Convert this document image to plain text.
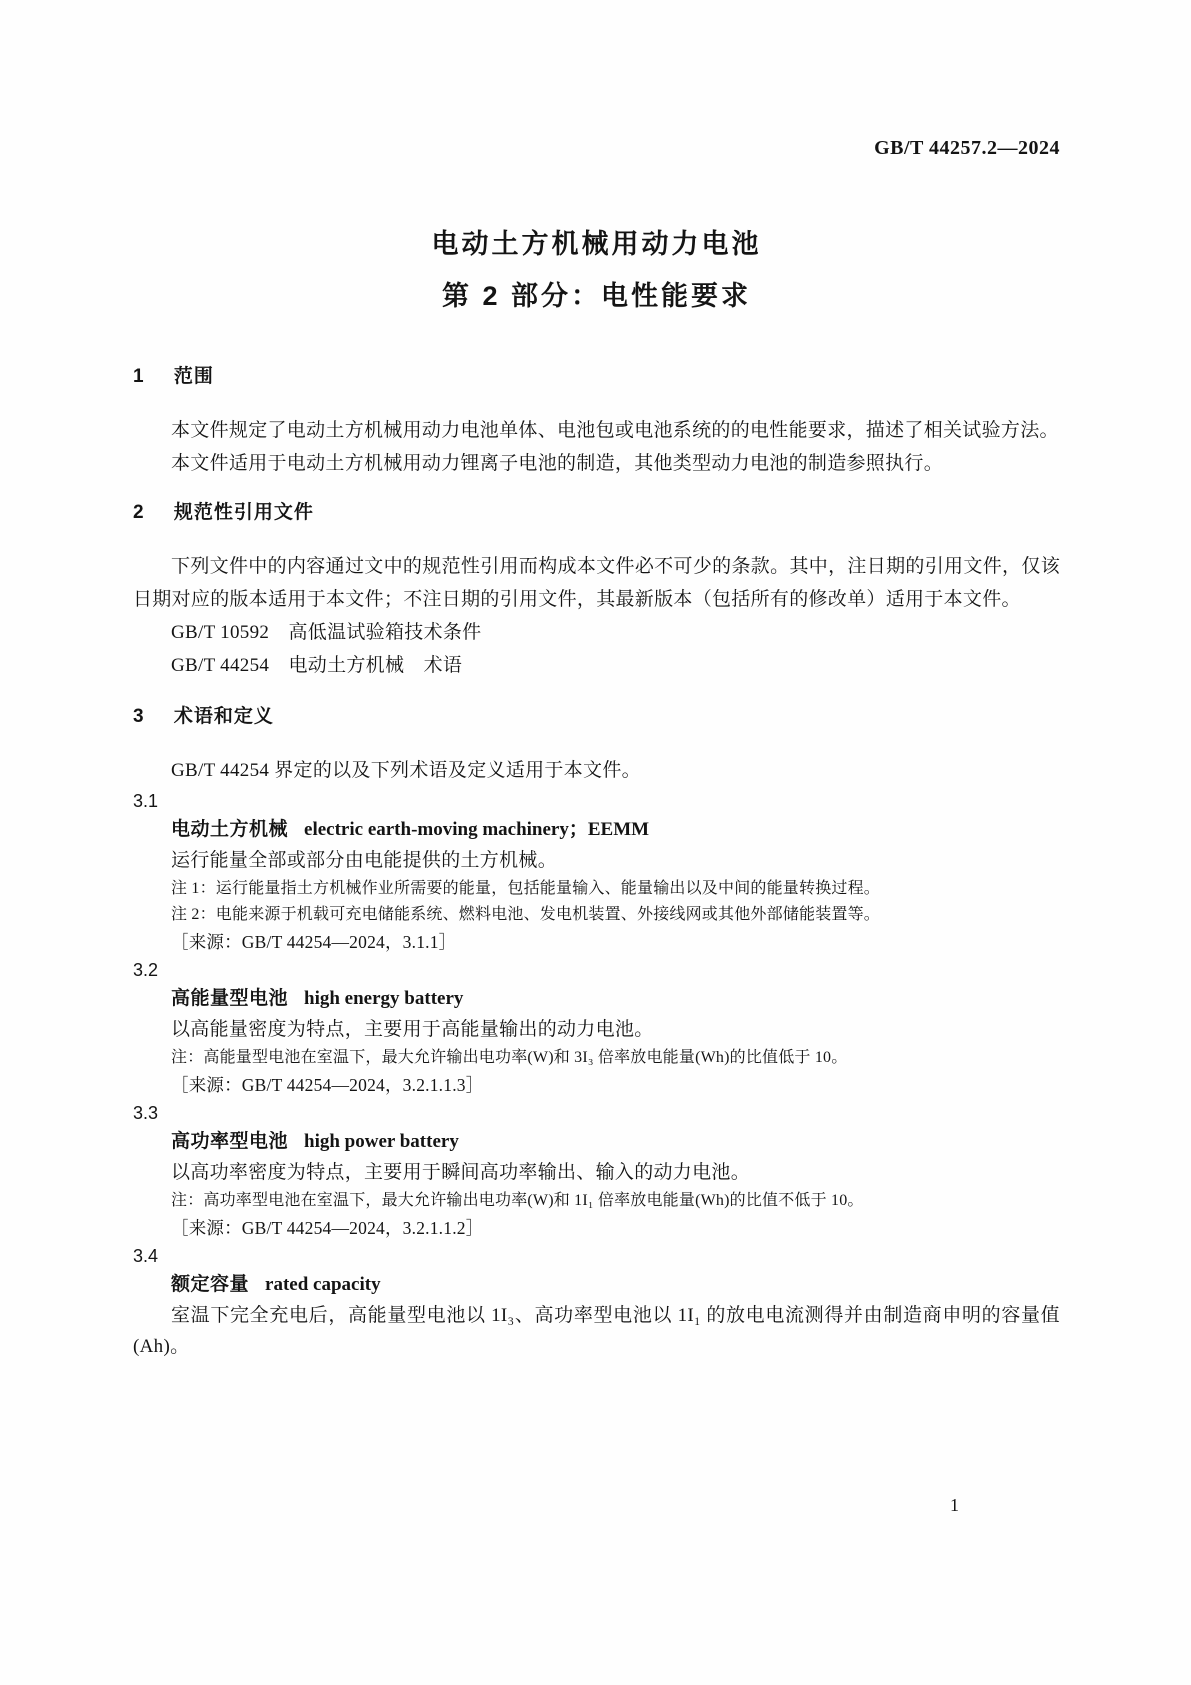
GB/T 44257.2—2024
电动土方机械用动力电池
第 2 部分：电性能要求
1 范围

本文件规定了电动土方机械用动力电池单体、电池包或电池系统的的电性能要求，描述了相关试验方法。

本文件适用于电动土方机械用动力锂离子电池的制造，其他类型动力电池的制造参照执行。

2 规范性引用文件

下列文件中的内容通过文中的规范性引用而构成本文件必不可少的条款。其中，注日期的引用文件，仅该日期对应的版本适用于本文件；不注日期的引用文件，其最新版本（包括所有的修改单）适用于本文件。

GB/T 10592　高低温试验箱技术条件

GB/T 44254　电动土方机械　术语

3 术语和定义

GB/T 44254 界定的以及下列术语及定义适用于本文件。

3.1
电动土方机械 electric earth-moving machinery；EEMM

运行能量全部或部分由电能提供的土方机械。

注 1：运行能量指土方机械作业所需要的能量，包括能量输入、能量输出以及中间的能量转换过程。

注 2：电能来源于机载可充电储能系统、燃料电池、发电机装置、外接线网或其他外部储能装置等。

［来源：GB/T 44254—2024，3.1.1］

3.2
高能量型电池 high energy battery

以高能量密度为特点，主要用于高能量输出的动力电池。

注：高能量型电池在室温下，最大允许输出电功率(W)和 3I₃ 倍率放电能量(Wh)的比值低于 10。

［来源：GB/T 44254—2024，3.2.1.1.3］

3.3
高功率型电池 high power battery

以高功率密度为特点，主要用于瞬间高功率输出、输入的动力电池。

注：高功率型电池在室温下，最大允许输出电功率(W)和 1I₁ 倍率放电能量(Wh)的比值不低于 10。

［来源：GB/T 44254—2024，3.2.1.1.2］

3.4
额定容量 rated capacity

室温下完全充电后，高能量型电池以 1I₃、高功率型电池以 1I₁ 的放电电流测得并由制造商申明的容量值(Ah)。

1
